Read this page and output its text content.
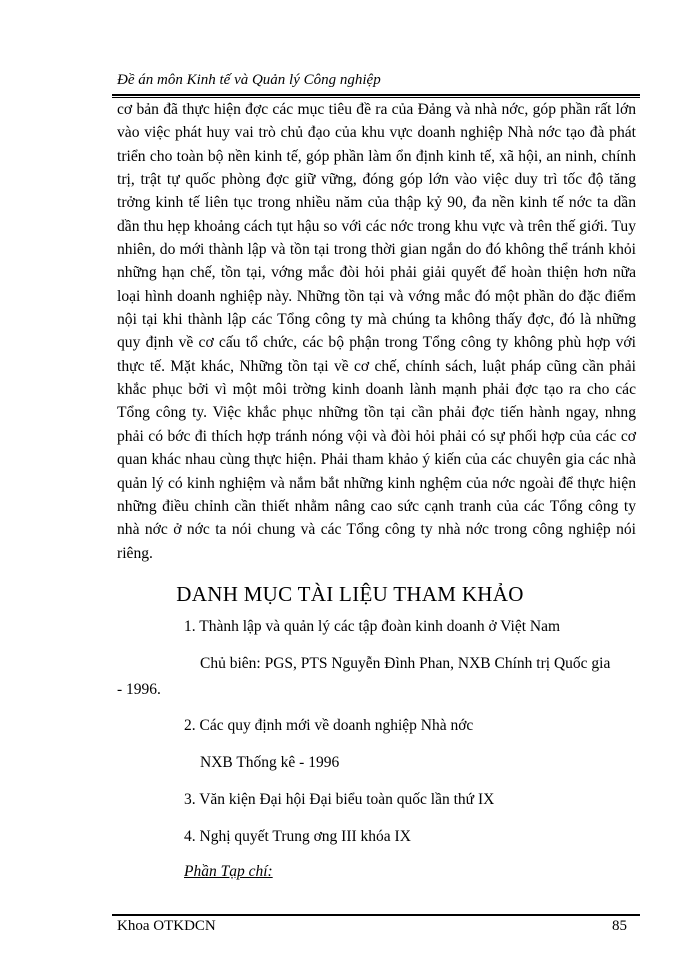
Đề án môn Kinh tế và Quản lý Công nghiệp

cơ bản đã thực hiện đợc các mục tiêu đề ra của Đảng và nhà nớc, góp phần rất lớn vào việc phát huy vai trò chủ đạo của khu vực doanh nghiệp Nhà nớc tạo đà phát triển cho toàn bộ nền kinh tế, góp phần làm ổn định kinh tế, xã hội, an ninh, chính trị, trật tự quốc phòng đợc giữ vững, đóng góp lớn vào việc duy trì tốc độ tăng trởng kinh tế liên tục trong nhiều năm của thập kỷ 90, đa nền kinh tế nớc ta dần dần thu hẹp khoảng cách tụt hậu so với các nớc trong khu vực và trên thế giới. Tuy nhiên, do mới thành lập và tồn tại trong thời gian ngắn do đó không thể tránh khỏi những hạn chế, tồn tại, vớng mắc đòi hỏi phải giải quyết để hoàn thiện hơn nữa loại hình doanh nghiệp này. Những tồn tại và vớng mắc đó một phần do đặc điểm nội tại khi thành lập các Tổng công ty mà chúng ta không thấy đợc, đó là những quy định về cơ cấu tổ chức, các bộ phận trong Tổng công ty không phù hợp với thực tế. Mặt khác, Những tồn tại về cơ chế, chính sách, luật pháp cũng cần phải khắc phục bởi vì một môi trờng kinh doanh lành mạnh phải đợc tạo ra cho các Tổng công ty. Việc khắc phục những tồn tại cần phải đợc tiến hành ngay, nhng phải có bớc đi thích hợp tránh nóng vội và đòi hỏi phải có sự phối hợp của các cơ quan khác nhau cùng thực hiện. Phải tham khảo ý kiến của các chuyên gia các nhà quản lý có kinh nghiệm và nắm bắt những kinh nghệm của nớc ngoài để thực hiện những điều chỉnh cần thiết nhằm nâng cao sức cạnh tranh của các Tổng công ty nhà nớc ở nớc ta nói chung và các Tổng công ty nhà nớc trong công nghiệp nói riêng.

DANH MỤC TÀI LIỆU THAM KHẢO
1. Thành lập và quản lý các tập đoàn kinh doanh ở Việt Nam
Chủ biên: PGS, PTS Nguyễn Đình Phan, NXB Chính trị Quốc gia
- 1996.
2. Các quy định mới về doanh nghiệp Nhà nớc
NXB Thống kê - 1996
3. Văn kiện Đại hội Đại biểu toàn quốc lần thứ IX
4. Nghị quyết Trung ơng III khóa IX
Phần Tạp chí:
Khoa OTKDCN	85
